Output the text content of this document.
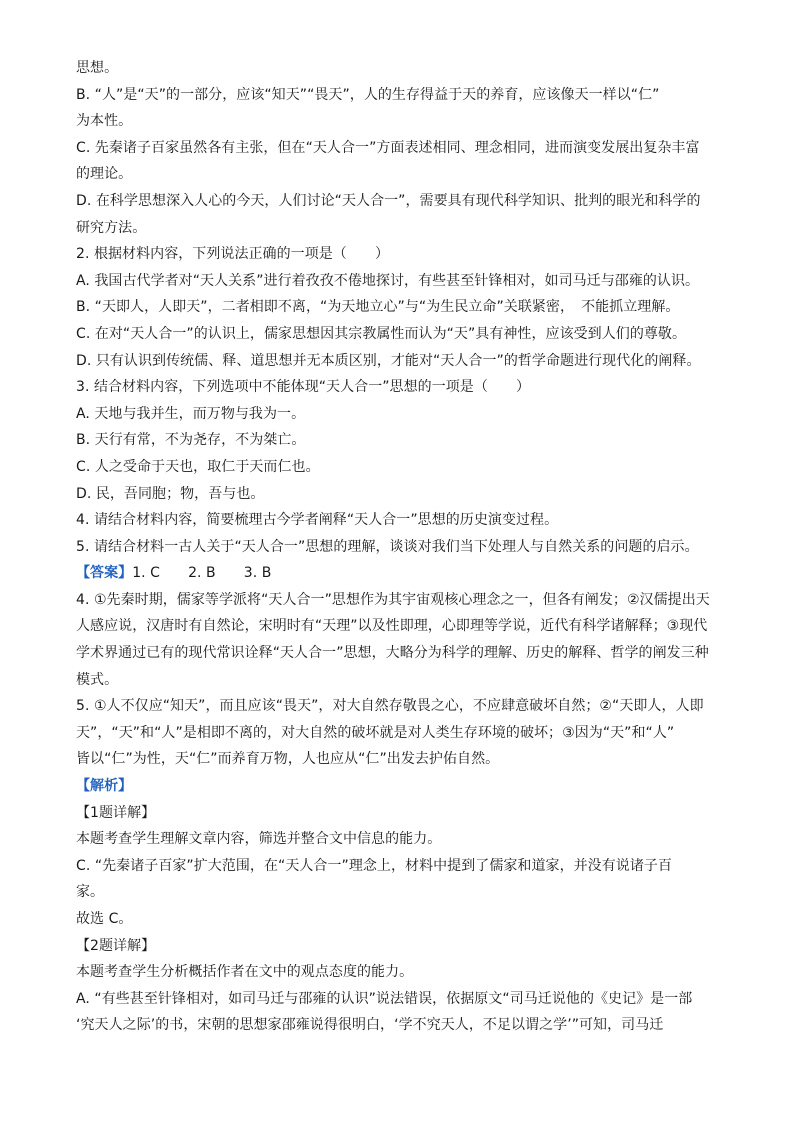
思想。
B. “人”是“天”的一部分，应该“知天”“畏天”，人的生存得益于天的养育，应该像天一样以“仁”
为本性。
C. 先秦诸子百家虽然各有主张，但在“天人合一”方面表述相同、理念相同，进而演变发展出复杂丰富
的理论。
D. 在科学思想深入人心的今天，人们讨论“天人合一”，需要具有现代科学知识、批判的眼光和科学的
研究方法。
2. 根据材料内容，下列说法正确的一项是（　　）
A. 我国古代学者对“天人关系”进行着孜孜不倦地探讨，有些甚至针锋相对，如司马迁与邵雍的认识。
B. “天即人，人即天”，二者相即不离，“为天地立心”与“为生民立命”关联紧密，　不能抓立理解。
C. 在对“天人合一”的认识上，儒家思想因其宗教属性而认为“天”具有神性，应该受到人们的尊敬。
D. 只有认识到传统儒、释、道思想并无本质区别，才能对“天人合一”的哲学命题进行现代化的阐释。
3. 结合材料内容，下列选项中不能体现“天人合一”思想的一项是（　　）
A. 天地与我并生，而万物与我为一。
B. 天行有常，不为尧存，不为桀亡。
C. 人之受命于天也，取仁于天而仁也。
D. 民，吾同胞；物，吾与也。
4. 请结合材料内容，简要梳理古今学者阐释“天人合一”思想的历史演变过程。
5. 请结合材料一古人关于“天人合一”思想的理解，谈谈对我们当下处理人与自然关系的问题的启示。
【答案】1. C　　2. B　　3. B
4. ①先秦时期，儒家等学派将“天人合一”思想作为其宇宙观核心理念之一，但各有阐发；②汉儒提出天
人感应说，汉唐时有自然论，宋明时有“天理”以及性即理，心即理等学说，近代有科学诸解释；③现代
学术界通过已有的现代常识诠释“天人合一”思想，大略分为科学的理解、历史的解释、哲学的阐发三种
模式。
5. ①人不仅应“知天”，而且应该“畏天”，对大自然存敬畏之心，不应肆意破坏自然；②“天即人，人即
天”，“天”和“人”是相即不离的，对大自然的破坏就是对人类生存环境的破坏；③因为“天”和“人”
皆以“仁”为性，天“仁”而养育万物，人也应从“仁”出发去护佑自然。
【解析】
【1题详解】
本题考查学生理解文章内容，筛选并整合文中信息的能力。
C. “先秦诸子百家”扩大范围，在“天人合一”理念上，材料中提到了儒家和道家，并没有说诸子百
家。
故选 C。
【2题详解】
本题考查学生分析概括作者在文中的观点态度的能力。
A. “有些甚至针锋相对，如司马迁与邵雍的认识”说法错误，依据原文“司马迁说他的《史记》是一部
‘究天人之际’的书，宋朝的思想家邵雍说得很明白，‘学不究天人，不足以谓之学’”可知，司马迁
